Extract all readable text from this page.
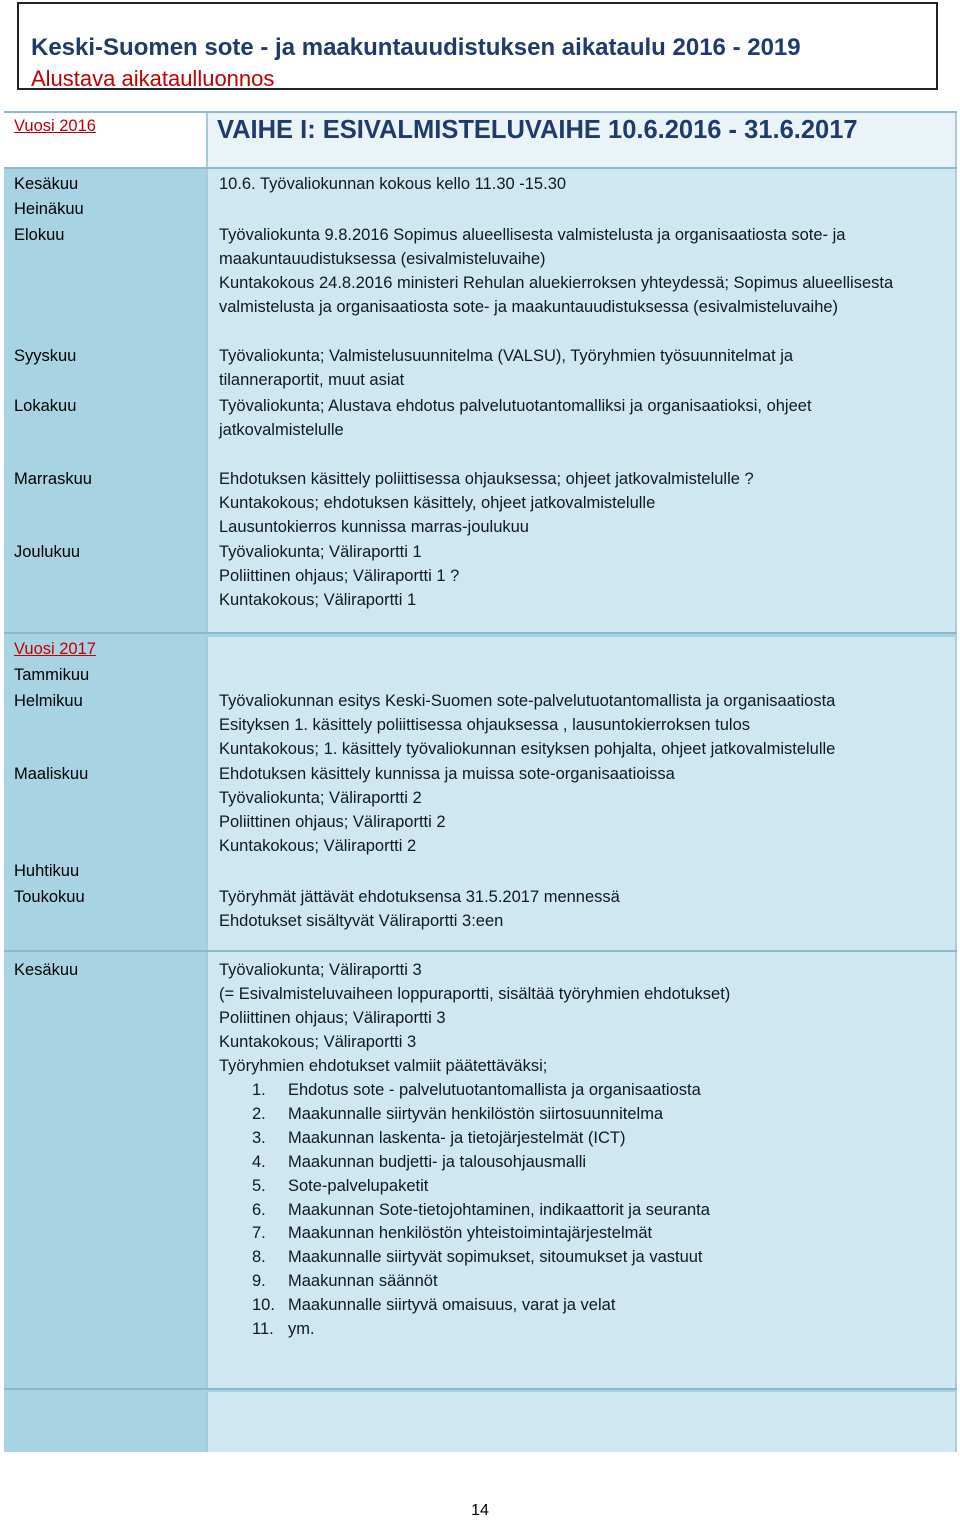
Keski-Suomen sote - ja maakuntauudistuksen aikataulu 2016 - 2019
Alustava aikataulluonnos
VAIHE I: ESIVALMISTELUVAIHE 10.6.2016 - 31.6.2017
Vuosi 2016
Kesäkuu
Heinäkuu
Elokuu
Syyskuu
Lokakuu
Marraskuu
Joulukuu
Vuosi 2017
Tammikuu
Helmikuu
Maaliskuu
Huhtikuu
Toukokuu
Kesäkuu
10.6. Työvaliokunnan kokous kello 11.30 -15.30
Työvaliokunta 9.8.2016 Sopimus alueellisesta valmistelusta ja organisaatiosta sote- ja
maakuntauudistuksessa (esivalmisteluvaihe)
Kuntakokous 24.8.2016 ministeri Rehulan aluekierroksen yhteydessä; Sopimus alueellisesta
valmistelusta ja organisaatiosta sote- ja maakuntauudistuksessa (esivalmisteluvaihe)
Työvaliokunta; Valmistelusuunnitelma (VALSU), Työryhmien työsuunnitelmat ja
tilanneraportit, muut asiat
Työvaliokunta; Alustava ehdotus palvelutuotantomalliksi ja organisaatioksi, ohjeet
jatkovalmistelulle
Ehdotuksen käsittely poliittisessa ohjauksessa; ohjeet jatkovalmistelulle ?
Kuntakokous; ehdotuksen käsittely, ohjeet jatkovalmistelulle
Lausuntokierros kunnissa marras-joulukuu
Työvaliokunta; Väliraportti 1
Poliittinen ohjaus; Väliraportti 1 ?
Kuntakokous; Väliraportti 1
Työvaliokunnan esitys Keski-Suomen sote-palvelutuotantomallista ja organisaatiosta
Esityksen 1. käsittely poliittisessa ohjauksessa , lausuntokierroksen tulos
Kuntakokous; 1. käsittely työvaliokunnan esityksen pohjalta, ohjeet jatkovalmistelulle
Ehdotuksen käsittely kunnissa ja muissa sote-organisaatioissa
Työvaliokunta; Väliraportti 2
Poliittinen ohjaus; Väliraportti 2
Kuntakokous; Väliraportti 2
Työryhmät jättävät ehdotuksensa 31.5.2017 mennessä
Ehdotukset sisältyvät Väliraportti 3:een
Työvaliokunta; Väliraportti 3
(= Esivalmisteluvaiheen loppuraportti, sisältää työryhmien ehdotukset)
Poliittinen ohjaus; Väliraportti 3
Kuntakokous; Väliraportti 3
Työryhmien ehdotukset valmiit päätettäväksi;
1. Ehdotus sote - palvelutuotantomallista ja organisaatiosta
2. Maakunnalle siirtyvän henkilöstön siirtosuunnitelma
3. Maakunnan laskenta- ja tietojärjestelmät (ICT)
4. Maakunnan budjetti- ja talousohjausmalli
5. Sote-palvelupaketit
6. Maakunnan Sote-tietojohtaminen, indikaattorit ja seuranta
7. Maakunnan henkilöstön yhteistoimintajärjestelmät
8. Maakunnalle siirtyvät sopimukset, sitoumukset ja vastuut
9. Maakunnan säännöt
10. Maakunnalle siirtyvä omaisuus, varat ja velat
11. ym.
14
